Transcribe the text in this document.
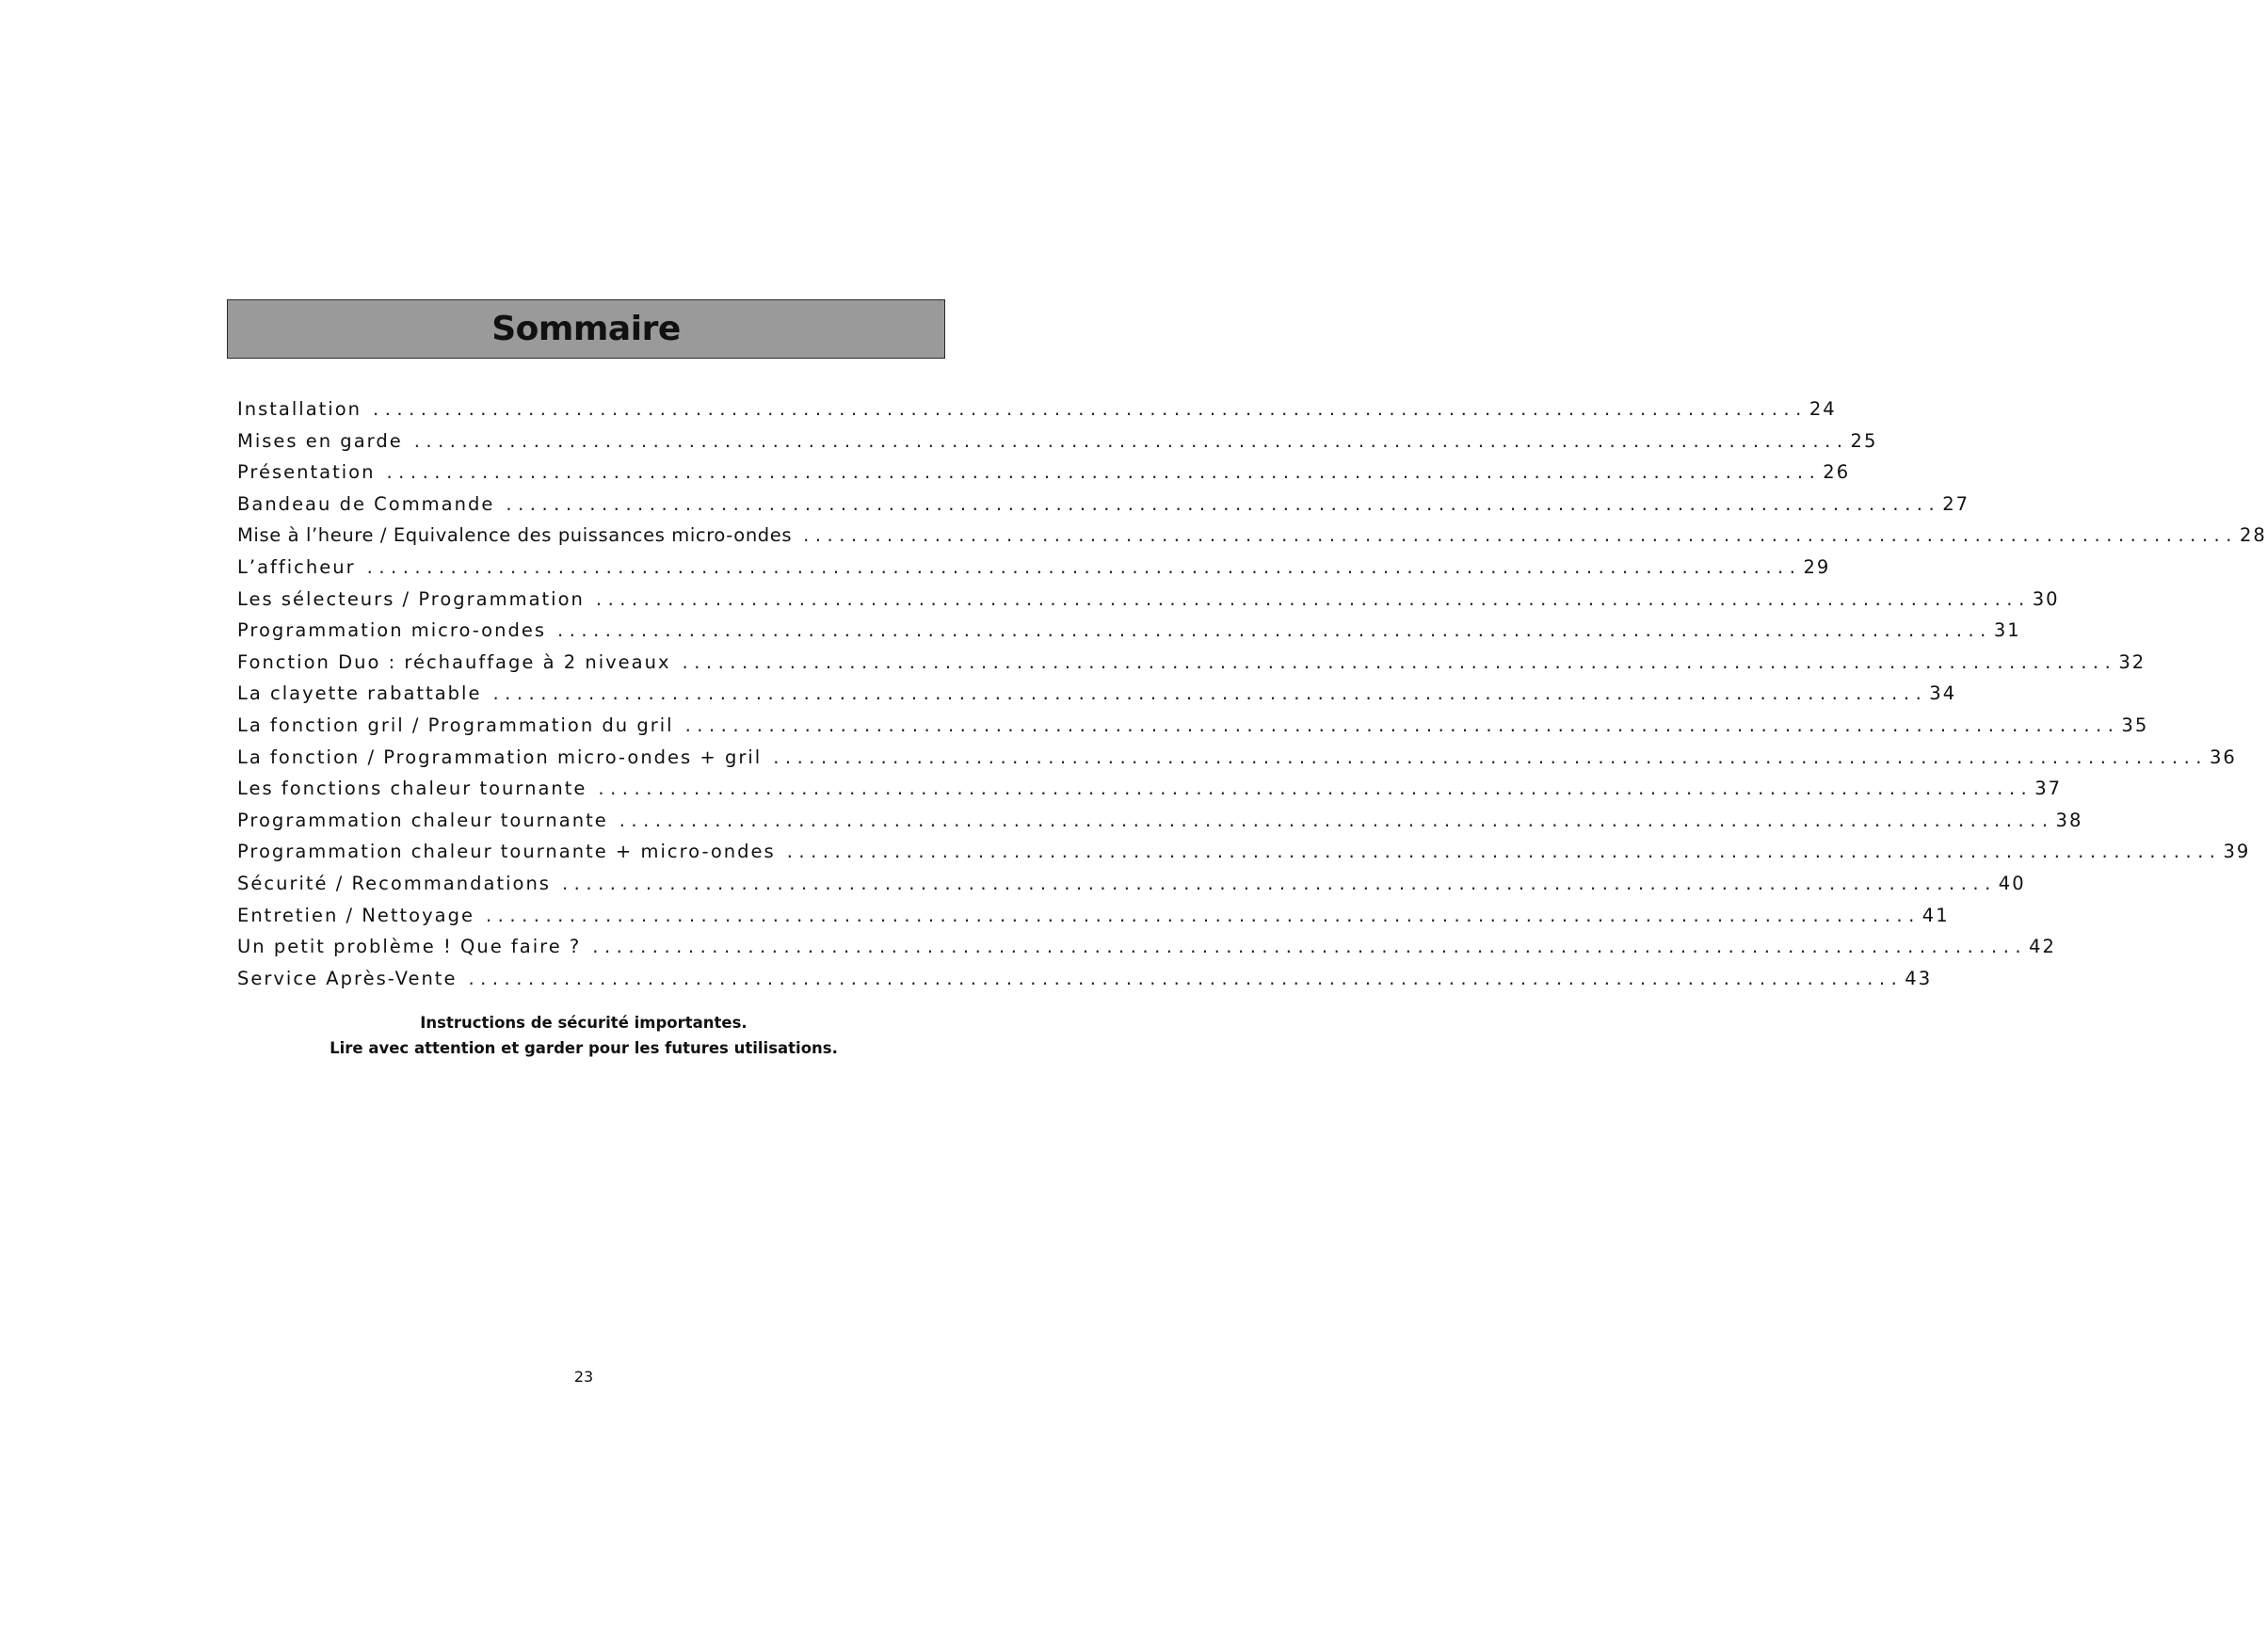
Sommaire
Installation ........................................................................................................................ 24
Mises en garde ........................................................................................................................ 25
Présentation ........................................................................................................................ 26
Bandeau de Commande ........................................................................................................................ 27
Mise à l’heure / Equivalence des puissances micro-ondes ........................................................................................................................ 28
L’afficheur ........................................................................................................................ 29
Les sélecteurs / Programmation ........................................................................................................................ 30
Programmation micro-ondes ........................................................................................................................ 31
Fonction Duo : réchauffage à 2 niveaux ........................................................................................................................ 32
La clayette rabattable ........................................................................................................................ 34
La fonction gril / Programmation du gril ........................................................................................................................ 35
La fonction / Programmation micro-ondes + gril ........................................................................................................................ 36
Les fonctions chaleur tournante ........................................................................................................................ 37
Programmation chaleur tournante ........................................................................................................................ 38
Programmation chaleur tournante + micro-ondes ........................................................................................................................ 39
Sécurité / Recommandations ........................................................................................................................ 40
Entretien / Nettoyage ........................................................................................................................ 41
Un petit problème ! Que faire ? ........................................................................................................................ 42
Service Après-Vente ........................................................................................................................ 43
Instructions de sécurité importantes.
Lire avec attention et garder pour les futures utilisations.
23
